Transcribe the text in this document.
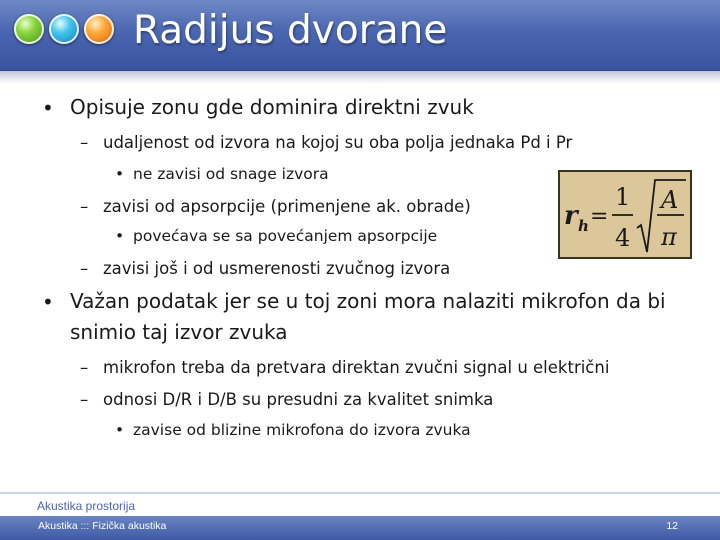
Radijus dvorane
• Opisuje zonu gde dominira direktni zvuk
– udaljenost od izvora na kojoj su oba polja jednaka Pd i Pr
• ne zavisi od snage izvora
– zavisi od apsorpcije (primenjene ak. obrade)
• povećava se sa povećanjem apsorpcije
– zavisi još i od usmerenosti zvučnog izvora
• Važan podatak jer se u toj zoni mora nalaziti mikrofon da bi
snimio taj izvor zvuka
– mikrofon treba da pretvara direktan zvučni signal u električni
– odnosi D/R i D/B su presudni za kvalitet snimka
• zavise od blizine mikrofona do izvora zvuka
r h =
1
4
A
π
Akustika prostorija
Akustika ::: Fizička akustika	12
